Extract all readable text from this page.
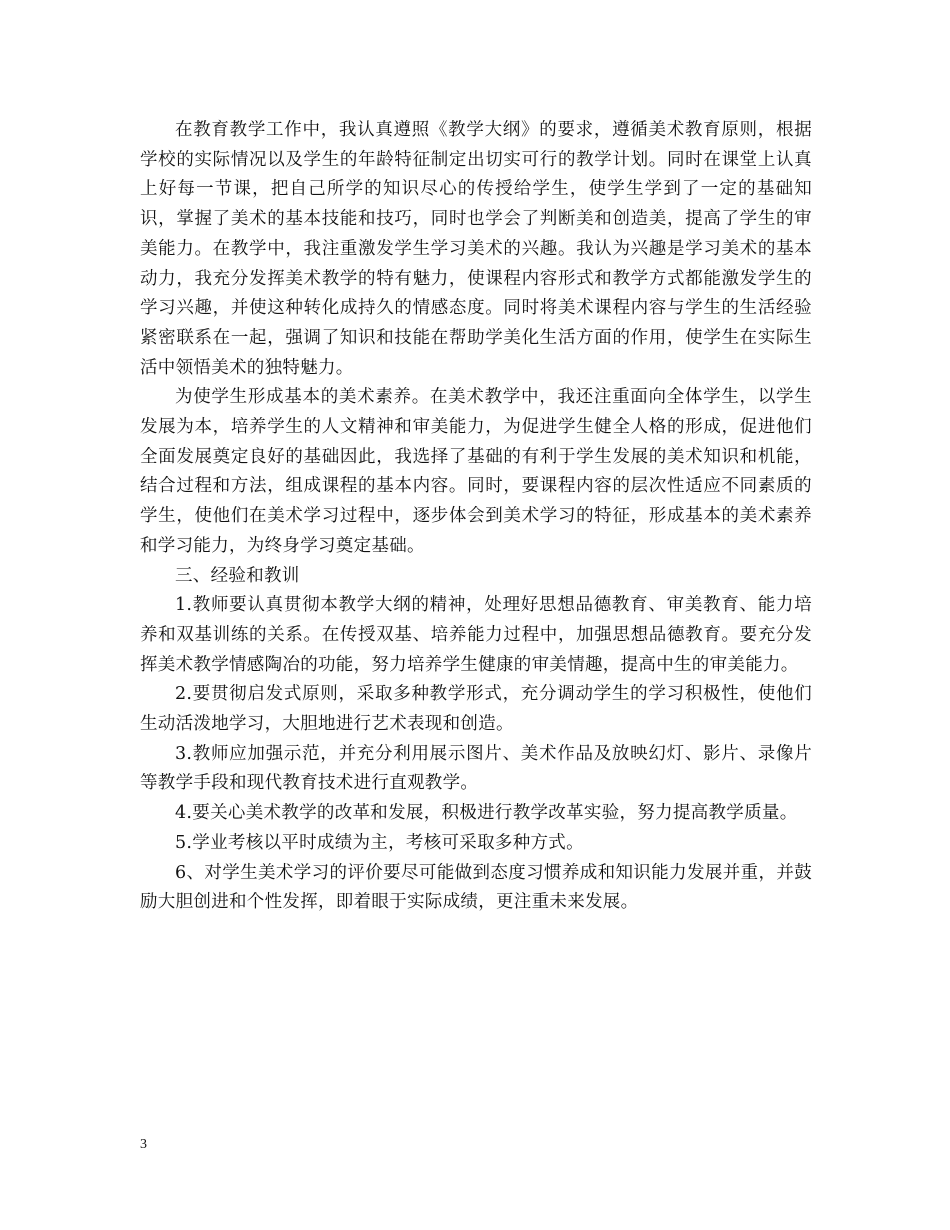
在教育教学工作中，我认真遵照《教学大纲》的要求，遵循美术教育原则，根据学校的实际情况以及学生的年龄特征制定出切实可行的教学计划。同时在课堂上认真上好每一节课，把自己所学的知识尽心的传授给学生，使学生学到了一定的基础知识，掌握了美术的基本技能和技巧，同时也学会了判断美和创造美，提高了学生的审美能力。在教学中，我注重激发学生学习美术的兴趣。我认为兴趣是学习美术的基本动力，我充分发挥美术教学的特有魅力，使课程内容形式和教学方式都能激发学生的学习兴趣，并使这种转化成持久的情感态度。同时将美术课程内容与学生的生活经验紧密联系在一起，强调了知识和技能在帮助学美化生活方面的作用，使学生在实际生活中领悟美术的独特魅力。

为使学生形成基本的美术素养。在美术教学中，我还注重面向全体学生，以学生发展为本，培养学生的人文精神和审美能力，为促进学生健全人格的形成，促进他们全面发展奠定良好的基础因此，我选择了基础的有利于学生发展的美术知识和机能，结合过程和方法，组成课程的基本内容。同时，要课程内容的层次性适应不同素质的学生，使他们在美术学习过程中，逐步体会到美术学习的特征，形成基本的美术素养和学习能力，为终身学习奠定基础。

三、经验和教训

1.教师要认真贯彻本教学大纲的精神，处理好思想品德教育、审美教育、能力培养和双基训练的关系。在传授双基、培养能力过程中，加强思想品德教育。要充分发挥美术教学情感陶冶的功能，努力培养学生健康的审美情趣，提高中生的审美能力。

2.要贯彻启发式原则，采取多种教学形式，充分调动学生的学习积极性，使他们生动活泼地学习，大胆地进行艺术表现和创造。

3.教师应加强示范，并充分利用展示图片、美术作品及放映幻灯、影片、录像片等教学手段和现代教育技术进行直观教学。

4.要关心美术教学的改革和发展，积极进行教学改革实验，努力提高教学质量。

5.学业考核以平时成绩为主，考核可采取多种方式。

6、对学生美术学习的评价要尽可能做到态度习惯养成和知识能力发展并重，并鼓励大胆创进和个性发挥，即着眼于实际成绩，更注重未来发展。

3
